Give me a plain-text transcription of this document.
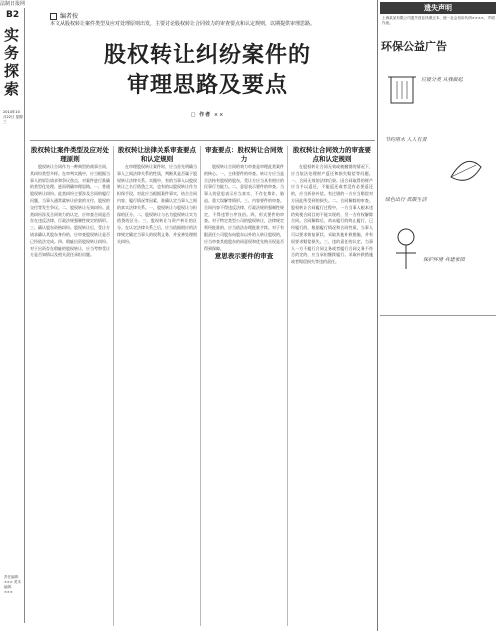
法制日报网
B2
实务探索
2014年10月22日 星期三
责任编辑：××× 美术编辑：×××
编者按
本文从股权转让案件类型及应对处理原则出发，主要讨论股权转让合同效力的审查要点和认定规则，以期提供审理思路。
股权转让纠纷案件的
审理思路及要点
□ 作者 ××

股权转让案件类型及应对处理原则

股权转让合同作为一种典型的商事合同，其纠纷类型多样。在审判实践中，应当根据当事人的诉讼请求和争议焦点，对案件进行准确的类型化处理，进而明确审理思路。一、普通股权转让纠纷。此类纠纷主要涉及合同的履行问题，当事人通常就转让价款的支付、股权的交付等发生争议。二、股权转让无效纠纷。此类纠纷涉及合同效力的认定，应审查合同是否存在违反法律、行政法规强制性规定的情形。三、确认股东资格纠纷。股权转让后，受让方请求确认其股东身份的，应审查股权转让是否已经依法完成。四、瑕疵出资股权转让纠纷。对于出资存在瑕疵的股权转让，应当考察受让方是否知情以及相关责任承担问题。

股权转让法律关系审查要点和认定规则

在审理股权转让案件时，应当首先明确当事人之间法律关系的性质，判断其是否属于股权转让法律关系。实践中，有的当事人以股权转让之名行借贷之实，也有的以股权转让作为担保手段，对此应当根据案件事实，结合合同内容、履行情况等因素，准确认定当事人之间的真实法律关系。一、股权转让与股权让与担保的区分。二、股权转让与名为股权转让实为借贷的区分。三、股权转让与资产转让的区分。在认定法律关系之后，应当依据相应的法律规定确定当事人的权利义务，并妥善处理相关纠纷。

审查要点：股权转让合同效力

股权转让合同的效力审查是审理此类案件的核心。一、主体要件的审查。转让方应当是合法持有股权的股东，受让方应当具有相应的民事行为能力。二、意思表示要件的审查。当事人的意思表示应当真实，不存在欺诈、胁迫、重大误解等情形。三、内容要件的审查。合同内容不得违反法律、行政法规的强制性规定，不得违背公序良俗。四、形式要件的审查。对于特定类型公司的股权转让，法律规定须经批准的，应当依法办理批准手续。对于有限责任公司股东向股东以外的人转让股权的，应当审查其他股东的同意权和优先购买权是否得到保障。

意思表示要件的审查

股权转让合同效力的审查要点和认定规则

在股权转让合同无效或被撤销的情况下，应当依法处理财产返还和损失赔偿等问题。一、合同无效的法律后果。因合同取得的财产应当予以返还，不能返还或者没有必要返还的，应当折价补偿。有过错的一方应当赔偿对方因此所受到的损失。二、合同解除的审查。股权转让合同履行过程中，一方当事人根本违约致使合同目的不能实现的，另一方有权解除合同。合同解除后，尚未履行的终止履行，已经履行的，根据履行情况和合同性质，当事人可以要求恢复原状、采取其他补救措施，并有权要求赔偿损失。三、违约责任的认定。当事人一方不履行合同义务或者履行合同义务不符合约定的，应当承担继续履行、采取补救措施或者赔偿损失等违约责任。

遗失声明
上海某某有限公司遗失营业执照正本，统一社会信用代码××××，声明作废。
环保公益广告
垃圾分类 从我做起
节约用水 人人有责
绿色出行 低碳生活
保护环境 共建家园
